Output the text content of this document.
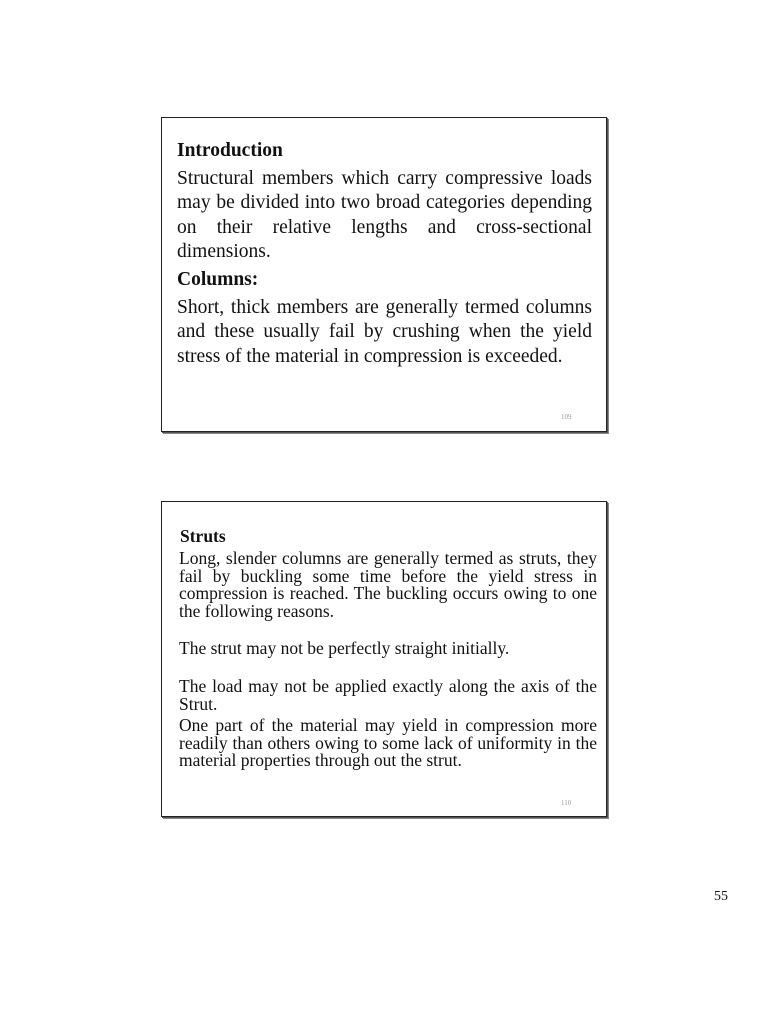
Introduction

Structural members which carry compressive loads may be divided into two broad categories depending on their relative lengths and cross-sectional dimensions.

Columns:

Short, thick members are generally termed columns and these usually fail by crushing when the yield stress of the material in compression is exceeded.

109
Struts

Long, slender columns are generally termed as struts, they fail by buckling some time before the yield stress in compression is reached. The buckling occurs owing to one the following reasons.

The strut may not be perfectly straight initially.

The load may not be applied exactly along the axis of the Strut.

One part of the material may yield in compression more readily than others owing to some lack of uniformity in the material properties through out the strut.

110
55
